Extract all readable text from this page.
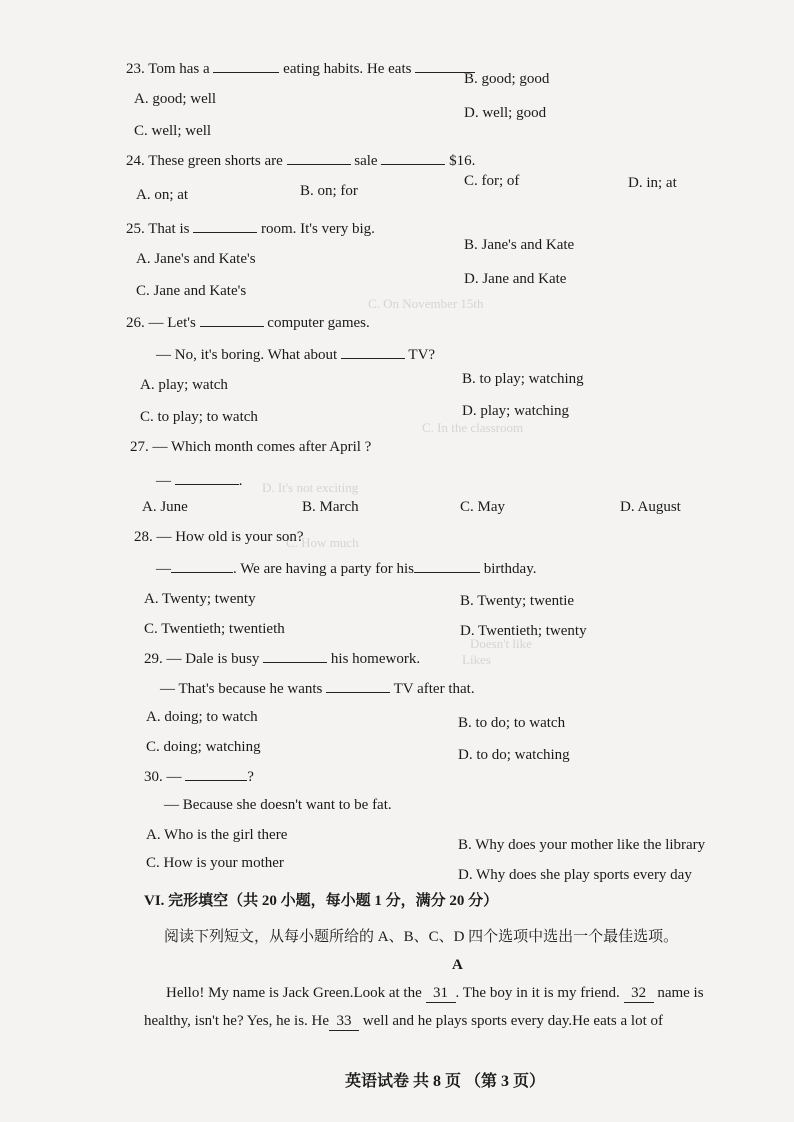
C. On November 15th
C. In the classroom
D. It's not exciting
C. How much
Doesn't like
Likes
23. Tom has a	eating habits. He eats
A. good; well
B. good; good
C. well; well
D. well; good
24. These green shorts are	sale	$16.
A. on; at	B. on; for
C. for; of	D. in; at
25. That is	room. It's very big.
A. Jane's and Kate's
B. Jane's and Kate
C. Jane and Kate's
D. Jane and Kate
26. — Let's	computer games.
— No, it's boring. What about	TV?
A. play; watch	B. to play; watching
C. to play; to watch	D. play; watching
27. — Which month comes after April ?
—	.
A. June	B. March	C. May	D. August
28. — How old is your son?
—	. We are having a party for his	birthday.
A. Twenty; twenty	B. Twenty; twentie
C. Twentieth; twentieth	D. Twentieth; twenty
29. — Dale is busy	his homework.
— That's because he wants	TV after that.
A. doing; to watch	B. to do; to watch
C. doing; watching	D. to do; watching
30. —	?
— Because she doesn't want to be fat.
A. Who is the girl there
B. Why does your mother like the library
C. How is your mother
D. Why does she play sports every day
VI. 完形填空（共 20 小题，每小题 1 分，满分 20 分）
阅读下列短文，从每小题所给的 A、B、C、D 四个选项中选出一个最佳选项。
A
Hello! My name is Jack Green.Look at the 31 . The boy in it is my friend. 32 name is
healthy, isn't he? Yes, he is. He 33 well and he plays sports every day.He eats a lot of
英语试卷 共 8 页 （第 3 页）
